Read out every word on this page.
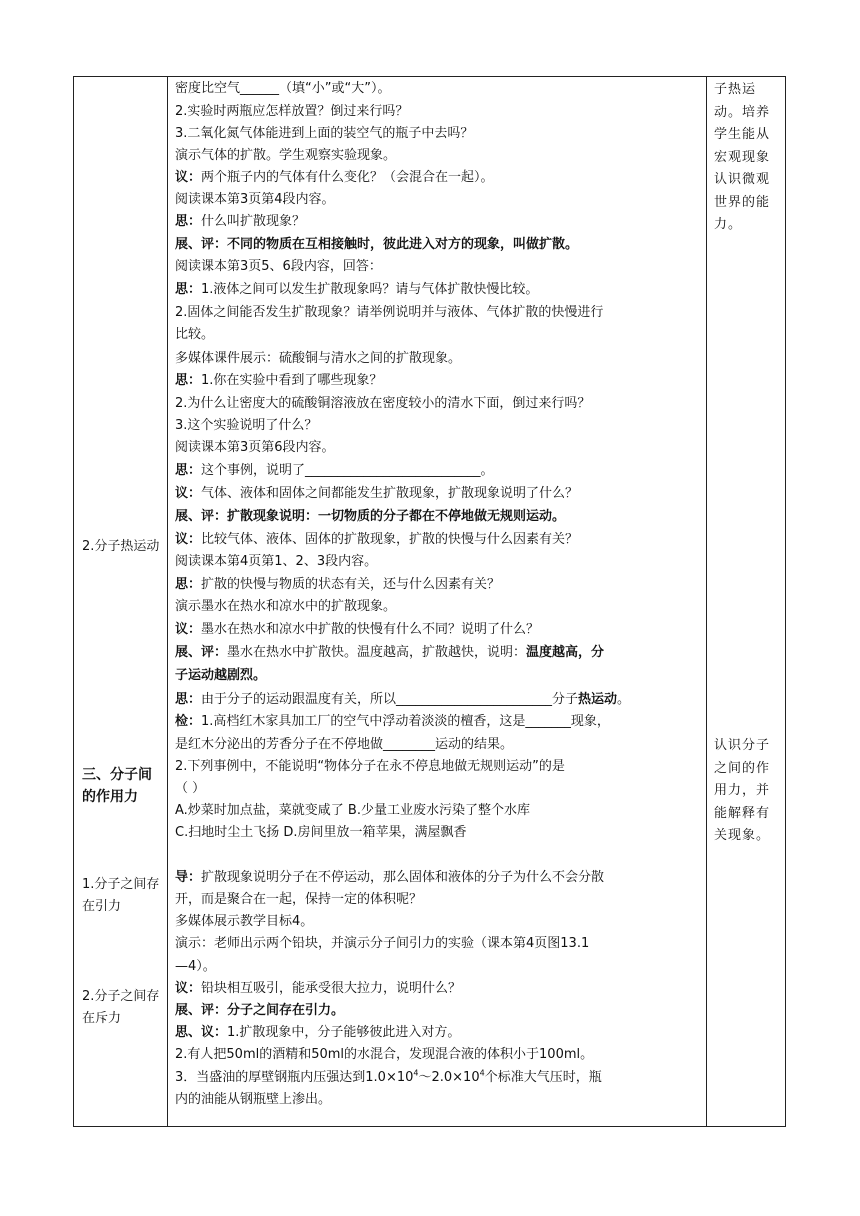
2.分子热运动
三、分子间的作用力
1.分子之间存在引力
2.分子之间存在斥力
密度比空气______（填“小”或“大”）。
2.实验时两瓶应怎样放置？倒过来行吗？
3.二氧化氮气体能进到上面的装空气的瓶子中去吗？
演示气体的扩散。学生观察实验现象。
议：两个瓶子内的气体有什么变化？（会混合在一起）。
阅读课本第3页第4段内容。
思：什么叫扩散现象？
展、评：不同的物质在互相接触时，彼此进入对方的现象，叫做扩散。
阅读课本第3页5、6段内容，回答：
思：1.液体之间可以发生扩散现象吗？请与气体扩散快慢比较。
2.固体之间能否发生扩散现象？请举例说明并与液体、气体扩散的快慢进行
比较。
多媒体课件展示：硫酸铜与清水之间的扩散现象。
思：1.你在实验中看到了哪些现象？
2.为什么让密度大的硫酸铜溶液放在密度较小的清水下面，倒过来行吗？
3.这个实验说明了什么？
阅读课本第3页第6段内容。
思：这个事例，说明了___________________________。
议：气体、液体和固体之间都能发生扩散现象，扩散现象说明了什么？
展、评：扩散现象说明：一切物质的分子都在不停地做无规则运动。
议：比较气体、液体、固体的扩散现象，扩散的快慢与什么因素有关？
阅读课本第4页第1、2、3段内容。
思：扩散的快慢与物质的状态有关，还与什么因素有关？
演示墨水在热水和凉水中的扩散现象。
议：墨水在热水和凉水中扩散的快慢有什么不同？说明了什么？
展、评：墨水在热水中扩散快。温度越高，扩散越快，说明：温度越高，分
子运动越剧烈。
思：由于分子的运动跟温度有关，所以________________________分子热运动。
检：1.高档红木家具加工厂的空气中浮动着淡淡的檀香，这是_______现象，
是红木分泌出的芳香分子在不停地做________运动的结果。
2.下列事例中，不能说明“物体分子在永不停息地做无规则运动”的是
（ ）
A.炒菜时加点盐，菜就变咸了 B.少量工业废水污染了整个水库
C.扫地时尘土飞扬 D.房间里放一箱苹果，满屋飘香
导：扩散现象说明分子在不停运动，那么固体和液体的分子为什么不会分散
开，而是聚合在一起，保持一定的体积呢？
多媒体展示教学目标4。
演示：老师出示两个铅块，并演示分子间引力的实验（课本第4页图13.1
—4）。
议：铅块相互吸引，能承受很大拉力，说明什么？
展、评：分子之间存在引力。
思、议：1.扩散现象中，分子能够彼此进入对方。
2.有人把50ml的酒精和50ml的水混合，发现混合液的体积小于100ml。
3．当盛油的厚壁钢瓶内压强达到$1.0\times 10^4\sim 2.0\times 10^4$个标准大气压时，瓶
内的油能从钢瓶壁上渗出。
子热运动。培养学生能从宏观现象认识微观世界的能力。
认识分子之间的作用力，并能解释有关现象。
